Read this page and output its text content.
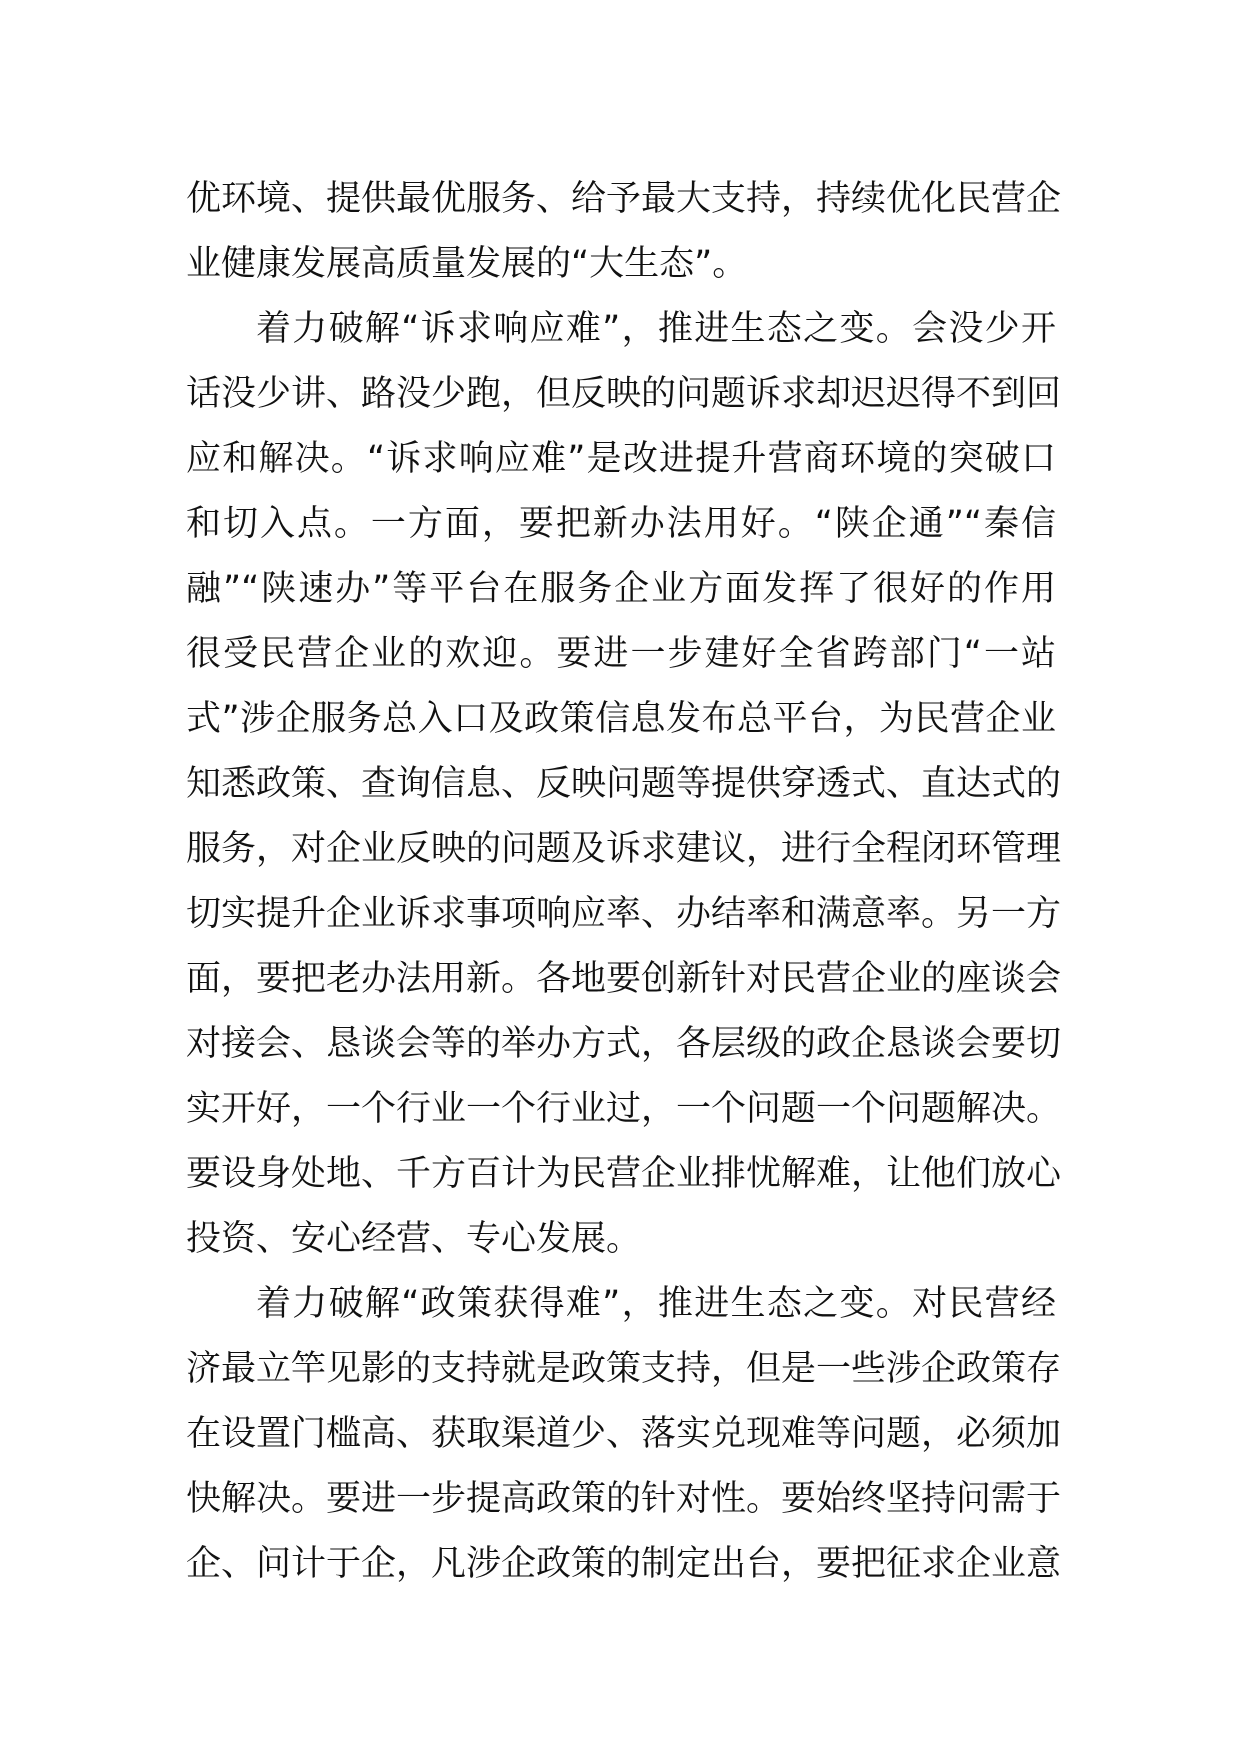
优环境、提供最优服务、给予最大支持，持续优化民营企
业健康发展高质量发展的“大生态”。
着力破解“诉求响应难”，推进生态之变。会没少开
话没少讲、路没少跑，但反映的问题诉求却迟迟得不到回
应和解决。“诉求响应难”是改进提升营商环境的突破口
和切入点。一方面，要把新办法用好。“陕企通”“秦信
融”“陕速办”等平台在服务企业方面发挥了很好的作用
很受民营企业的欢迎。要进一步建好全省跨部门“一站
式”涉企服务总入口及政策信息发布总平台，为民营企业
知悉政策、查询信息、反映问题等提供穿透式、直达式的
服务，对企业反映的问题及诉求建议，进行全程闭环管理
切实提升企业诉求事项响应率、办结率和满意率。另一方
面，要把老办法用新。各地要创新针对民营企业的座谈会
对接会、恳谈会等的举办方式，各层级的政企恳谈会要切
实开好，一个行业一个行业过，一个问题一个问题解决。
要设身处地、千方百计为民营企业排忧解难，让他们放心
投资、安心经营、专心发展。
着力破解“政策获得难”，推进生态之变。对民营经
济最立竿见影的支持就是政策支持，但是一些涉企政策存
在设置门槛高、获取渠道少、落实兑现难等问题，必须加
快解决。要进一步提高政策的针对性。要始终坚持问需于
企、问计于企，凡涉企政策的制定出台，要把征求企业意
